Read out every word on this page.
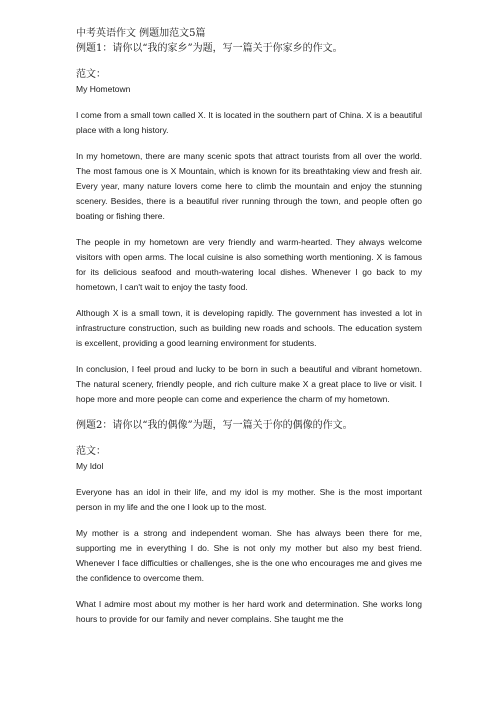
中考英语作文 例题加范文5篇

例题1：请你以“我的家乡”为题，写一篇关于你家乡的作文。

范文：

My Hometown

I come from a small town called X. It is located in the southern part of China. X is a beautiful place with a long history.

In my hometown, there are many scenic spots that attract tourists from all over the world. The most famous one is X Mountain, which is known for its breathtaking view and fresh air. Every year, many nature lovers come here to climb the mountain and enjoy the stunning scenery. Besides, there is a beautiful river running through the town, and people often go boating or fishing there.

The people in my hometown are very friendly and warm-hearted. They always welcome visitors with open arms. The local cuisine is also something worth mentioning. X is famous for its delicious seafood and mouth-watering local dishes. Whenever I go back to my hometown, I can't wait to enjoy the tasty food.

Although X is a small town, it is developing rapidly. The government has invested a lot in infrastructure construction, such as building new roads and schools. The education system is excellent, providing a good learning environment for students.

In conclusion, I feel proud and lucky to be born in such a beautiful and vibrant hometown. The natural scenery, friendly people, and rich culture make X a great place to live or visit. I hope more and more people can come and experience the charm of my hometown.

例题2：请你以“我的偶像”为题，写一篇关于你的偶像的作文。

范文：

My Idol

Everyone has an idol in their life, and my idol is my mother. She is the most important person in my life and the one I look up to the most.

My mother is a strong and independent woman. She has always been there for me, supporting me in everything I do. She is not only my mother but also my best friend. Whenever I face difficulties or challenges, she is the one who encourages me and gives me the confidence to overcome them.

What I admire most about my mother is her hard work and determination. She works long hours to provide for our family and never complains. She taught me the
